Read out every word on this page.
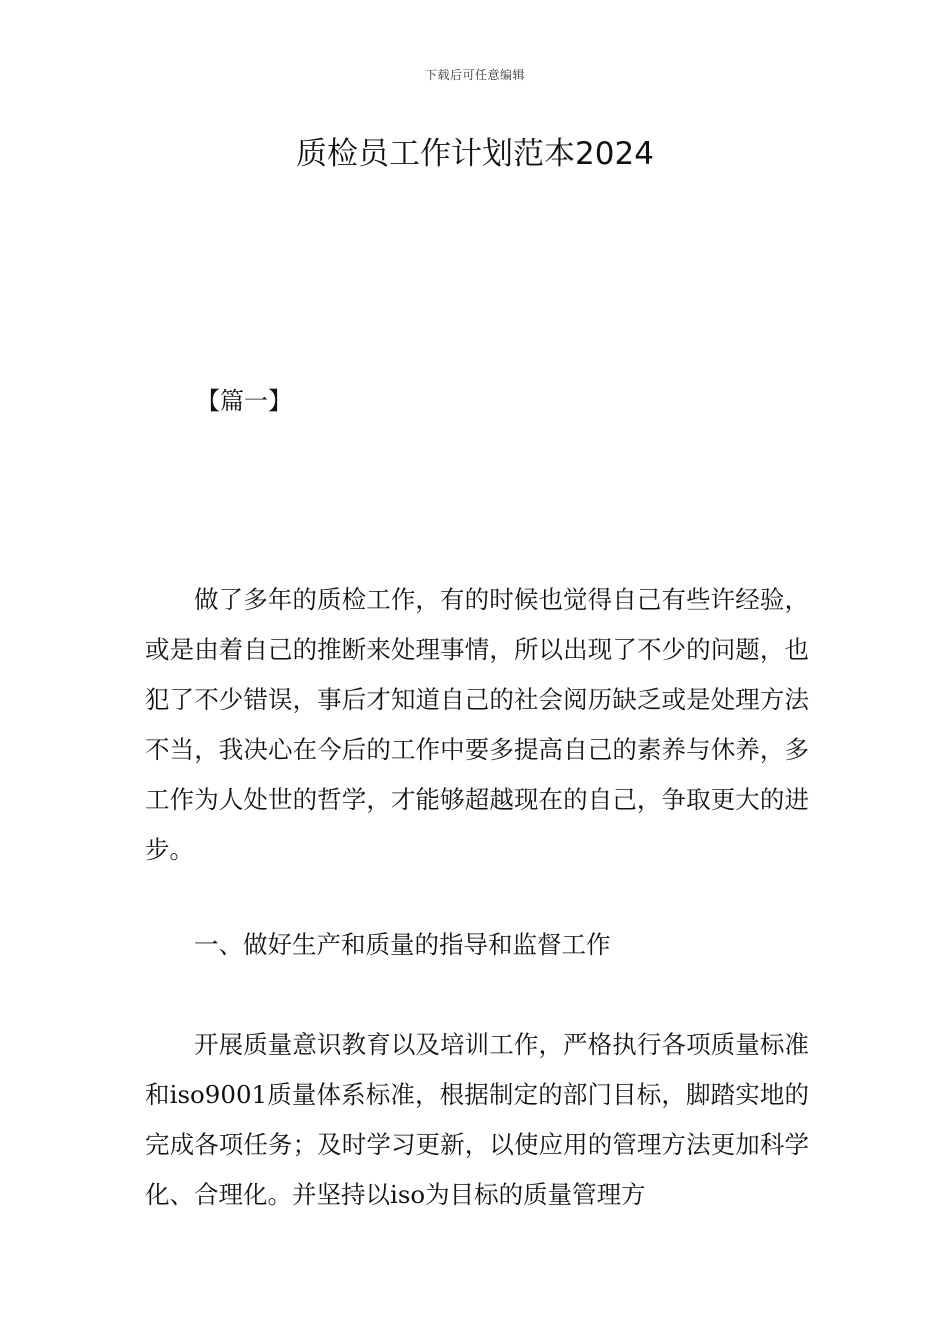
下载后可任意编辑
质检员工作计划范本2024
【篇一】

做了多年的质检工作，有的时候也觉得自己有些许经验，或是由着自己的推断来处理事情，所以出现了不少的问题，也犯了不少错误，事后才知道自己的社会阅历缺乏或是处理方法不当，我决心在今后的工作中要多提高自己的素养与休养，多工作为人处世的哲学，才能够超越现在的自己，争取更大的进步。

一、做好生产和质量的指导和监督工作

开展质量意识教育以及培训工作，严格执行各项质量标准和iso9001质量体系标准，根据制定的部门目标，脚踏实地的完成各项任务；及时学习更新，以使应用的管理方法更加科学化、合理化。并坚持以iso为目标的质量管理方
